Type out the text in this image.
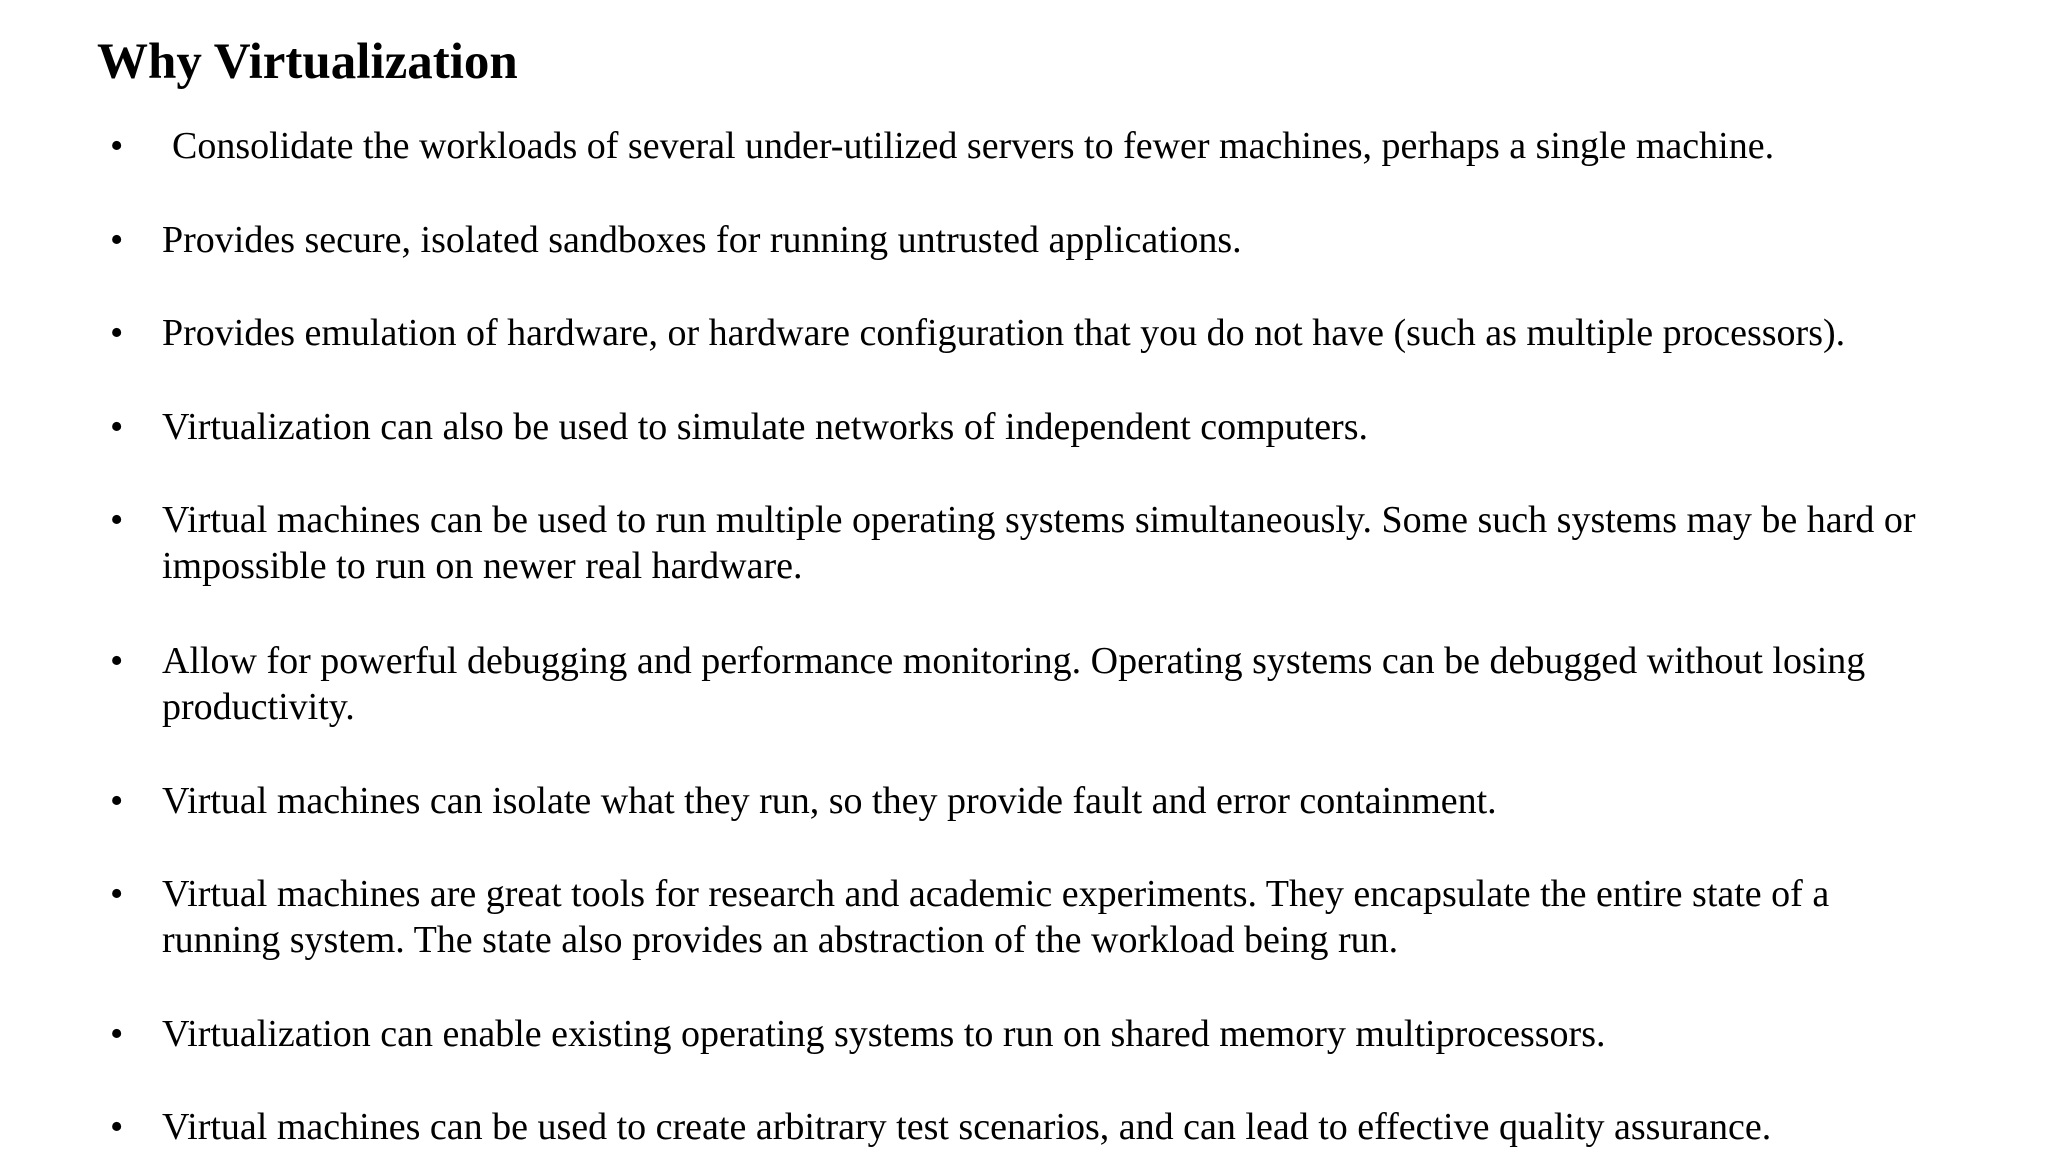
Why Virtualization
• Consolidate the workloads of several under-utilized servers to fewer machines, perhaps a single machine.
• Provides secure, isolated sandboxes for running untrusted applications.
• Provides emulation of hardware, or hardware configuration that you do not have (such as multiple processors).
• Virtualization can also be used to simulate networks of independent computers.
• Virtual machines can be used to run multiple operating systems simultaneously. Some such systems may be hard or impossible to run on newer real hardware.
• Allow for powerful debugging and performance monitoring. Operating systems can be debugged without losing productivity.
• Virtual machines can isolate what they run, so they provide fault and error containment.
• Virtual machines are great tools for research and academic experiments. They encapsulate the entire state of a running system. The state also provides an abstraction of the workload being run.
• Virtualization can enable existing operating systems to run on shared memory multiprocessors.
• Virtual machines can be used to create arbitrary test scenarios, and can lead to effective quality assurance.
